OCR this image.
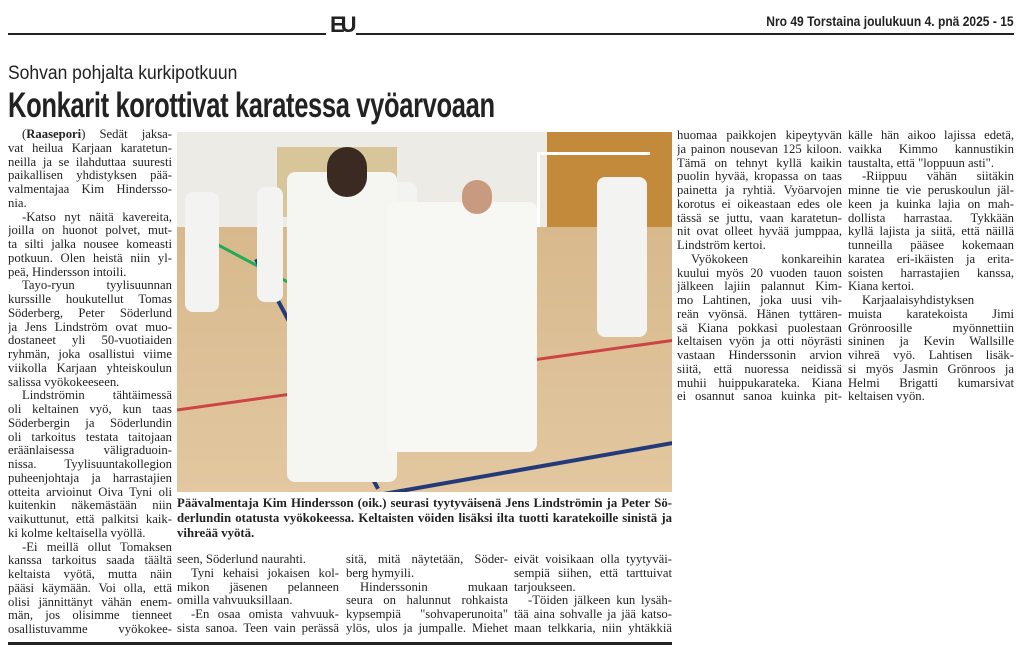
EU	Nro 49 Torstaina joulukuun 4. pnä 2025 - 15
Sohvan pohjalta kurkipotkuun
Konkarit korottivat karatessa vyöarvoaan
(Raasepori) Sedät jaksa-
vat heilua Karjaan karatetun-
neilla ja se ilahduttaa suuresti
paikallisen yhdistyksen pää-
valmentajaa Kim Hindersso-
nia.
-Katso nyt näitä kavereita,
joilla on huonot polvet, mut-
ta silti jalka nousee komeasti
potkuun. Olen heistä niin yl-
peä, Hindersson intoili.
Tayo-ryun tyylisuunnan
kurssille houkutellut Tomas
Söderberg, Peter Söderlund
ja Jens Lindström ovat muo-
dostaneet yli 50-vuotiaiden
ryhmän, joka osallistui viime
viikolla Karjaan yhteiskoulun
salissa vyökokeeseen.
Lindströmin tähtäimessä
oli keltainen vyö, kun taas
Söderbergin ja Söderlundin
oli tarkoitus testata taitojaan
eräänlaisessa väligraduoin-
nissa. Tyylisuuntakollegion
puheenjohtaja ja harrastajien
otteita arvioinut Oiva Tyni oli
kuitenkin näkemästään niin
vaikuttunut, että palkitsi kaik-
ki kolme keltaisella vyöllä.
-Ei meillä ollut Tomaksen
kanssa tarkoitus saada täältä
keltaista vyötä, mutta näin
pääsi käymään. Voi olla, että
olisi jännittänyt vähän enem-
män, jos olisimme tienneet
osallistuvamme vyökokee-
Päävalmentaja Kim Hindersson (oik.) seurasi tyytyväisenä Jens Lindströmin ja Peter Sö-
derlundin otatusta vyökokeessa. Keltaisten vöiden lisäksi ilta tuotti karatekoille sinistä ja
vihreää vyötä.
seen, Söderlund naurahti.
Tyni kehaisi jokaisen kol-
mikon jäsenen pelanneen
omilla vahvuuksillaan.
-En osaa omista vahvuuk-
sista sanoa. Teen vain perässä
sitä, mitä näytetään, Söder-
berg hymyili.
Hinderssonin mukaan
seura on halunnut rohkaista
kypsempiä "sohvaperunoita"
ylös, ulos ja jumpalle. Miehet
eivät voisikaan olla tyytyväi-
sempiä siihen, että tarttuivat
tarjoukseen.
-Töiden jälkeen kun lysäh-
tää aina sohvalle ja jää katso-
maan telkkaria, niin yhtäkkiä
huomaa paikkojen kipeytyvän
ja painon nousevan 125 kiloon.
Tämä on tehnyt kyllä kaikin
puolin hyvää, kropassa on taas
painetta ja ryhtiä. Vyöarvojen
korotus ei oikeastaan edes ole
tässä se juttu, vaan karatetun-
nit ovat olleet hyvää jumppaa,
Lindström kertoi.
Vyökokeen konkareihin
kuului myös 20 vuoden tauon
jälkeen lajiin palannut Kim-
mo Lahtinen, joka uusi vih-
reän vyönsä. Hänen tyttären-
sä Kiana pokkasi puolestaan
keltaisen vyön ja otti nöyrästi
vastaan Hinderssonin arvion
siitä, että nuoressa neidissä
muhii huippukarateka. Kiana
ei osannut sanoa kuinka pit-
källe hän aikoo lajissa edetä,
vaikka Kimmo kannustikin
taustalta, että "loppuun asti".
-Riippuu vähän siitäkin
minne tie vie peruskoulun jäl-
keen ja kuinka lajia on mah-
dollista harrastaa. Tykkään
kyllä lajista ja siitä, että näillä
tunneilla pääsee kokemaan
karatea eri-ikäisten ja erita-
soisten harrastajien kanssa,
Kiana kertoi.
Karjaalaisyhdistyksen
muista karatekoista Jimi
Grönroosille myönnettiin
sininen ja Kevin Wallsille
vihreä vyö. Lahtisen lisäk-
si myös Jasmin Grönroos ja
Helmi Brigatti kumarsivat
keltaisen vyön.
